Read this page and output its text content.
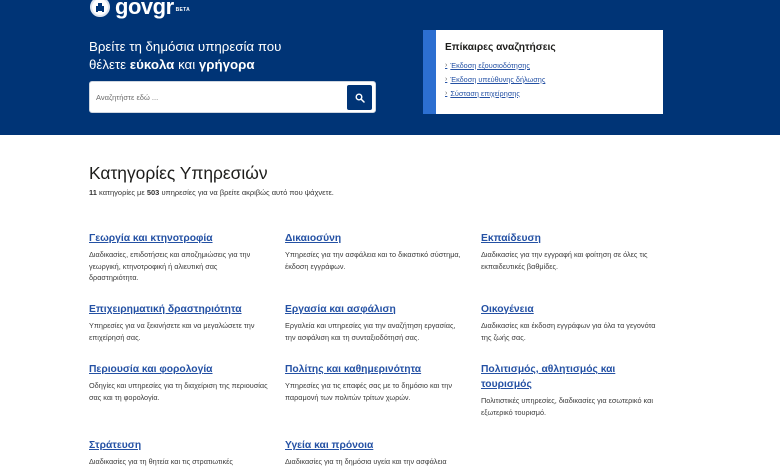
gov gr BETA
Βρείτε τη δημόσια υπηρεσία που
θέλετε εύκολα και γρήγορα
Αναζητήστε εδώ ...
Επίκαιρες αναζητήσεις
› Έκδοση εξουσιοδότησης
› Έκδοση υπεύθυνης δήλωσης
› Σύσταση επιχείρησης
Κατηγορίες Υπηρεσιών
11 κατηγορίες με 503 υπηρεσίες για να βρείτε ακριβώς αυτό που ψάχνετε.
Γεωργία και κτηνοτροφία
Διαδικασίες, επιδοτήσεις και αποζημιώσεις για την γεωργική, κτηνοτροφική ή αλιευτική σας δραστηριότητα.
Δικαιοσύνη
Υπηρεσίες για την ασφάλεια και το δικαστικό σύστημα, έκδοση εγγράφων.
Εκπαίδευση
Διαδικασίες για την εγγραφή και φοίτηση σε όλες τις εκπαιδευτικές βαθμίδες.
Επιχειρηματική δραστηριότητα
Υπηρεσίες για να ξεκινήσετε και να μεγαλώσετε την επιχείρησή σας.
Εργασία και ασφάλιση
Εργαλεία και υπηρεσίες για την αναζήτηση εργασίας, την ασφάλιση και τη συνταξιοδότησή σας.
Οικογένεια
Διαδικασίες και έκδοση εγγράφων για όλα τα γεγονότα της ζωής σας.
Περιουσία και φορολογία
Οδηγίες και υπηρεσίες για τη διαχείριση της περιουσίας σας και τη φορολογία.
Πολίτης και καθημερινότητα
Υπηρεσίες για τις επαφές σας με το δημόσιο και την παραμονή των πολιτών τρίτων χωρών.
Πολιτισμός, αθλητισμός και τουρισμός
Πολιτιστικές υπηρεσίες, διαδικασίες για εσωτερικό και εξωτερικό τουρισμό.
Στράτευση
Διαδικασίες για τη θητεία και τις στρατιωτικές
Υγεία και πρόνοια
Διαδικασίες για τη δημόσια υγεία και την ασφάλεια
